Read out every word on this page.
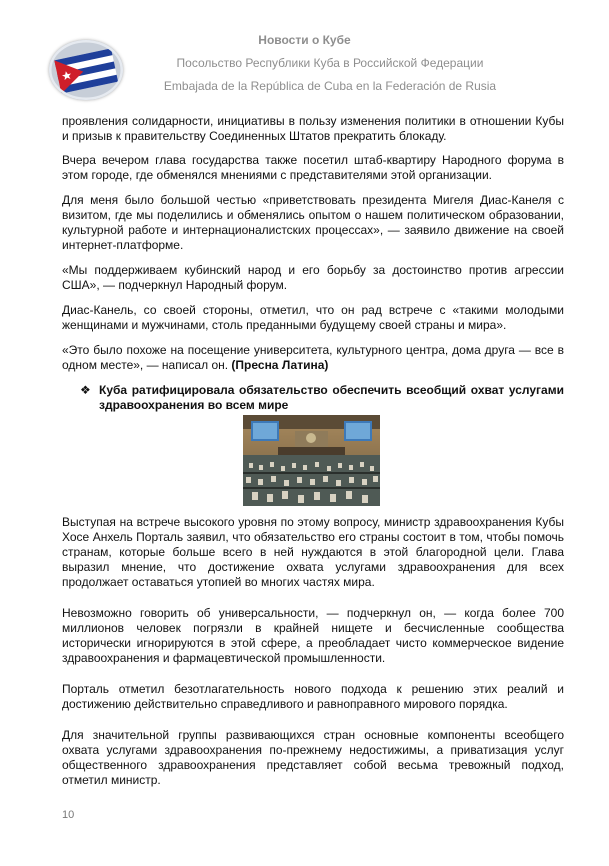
Новости о Кубе
Посольство Республики Куба в Российской Федерации
Embajada de la República de Cuba en la Federación de Rusia

проявления солидарности, инициативы в пользу изменения политики в отношении Кубы и призыв к правительству Соединенных Штатов прекратить блокаду.

Вчера вечером глава государства также посетил штаб-квартиру Народного форума в этом городе, где обменялся мнениями с представителями этой организации.

Для меня было большой честью «приветствовать президента Мигеля Диас-Канеля с визитом, где мы поделились и обменялись опытом о нашем политическом образовании, культурной работе и интернационалистских процессах», — заявило движение на своей интернет-платформе.

«Мы поддерживаем кубинский народ и его борьбу за достоинство против агрессии США», — подчеркнул Народный форум.

Диас-Канель, со своей стороны, отметил, что он рад встрече с «такими молодыми женщинами и мужчинами, столь преданными будущему своей страны и мира».

«Это было похоже на посещение университета, культурного центра, дома друга — все в одном месте», — написал он. (Пресна Латина)

❖ Куба ратифицировала обязательство обеспечить всеобщий охват услугами здравоохранения во всем мире

Выступая на встрече высокого уровня по этому вопросу, министр здравоохранения Кубы Хосе Анхель Порталь заявил, что обязательство его страны состоит в том, чтобы помочь странам, которые больше всего в ней нуждаются в этой благородной цели. Глава выразил мнение, что достижение охвата услугами здравоохранения для всех продолжает оставаться утопией во многих частях мира.

Невозможно говорить об универсальности, — подчеркнул он, — когда более 700 миллионов человек погрязли в крайней нищете и бесчисленные сообщества исторически игнорируются в этой сфере, а преобладает чисто коммерческое видение здравоохранения и фармацевтической промышленности.

Порталь отметил безотлагательность нового подхода к решению этих реалий и достижению действительно справедливого и равноправного мирового порядка.

Для значительной группы развивающихся стран основные компоненты всеобщего охвата услугами здравоохранения по-прежнему недостижимы, а приватизация услуг общественного здравоохранения представляет собой весьма тревожный подход, отметил министр.

10
